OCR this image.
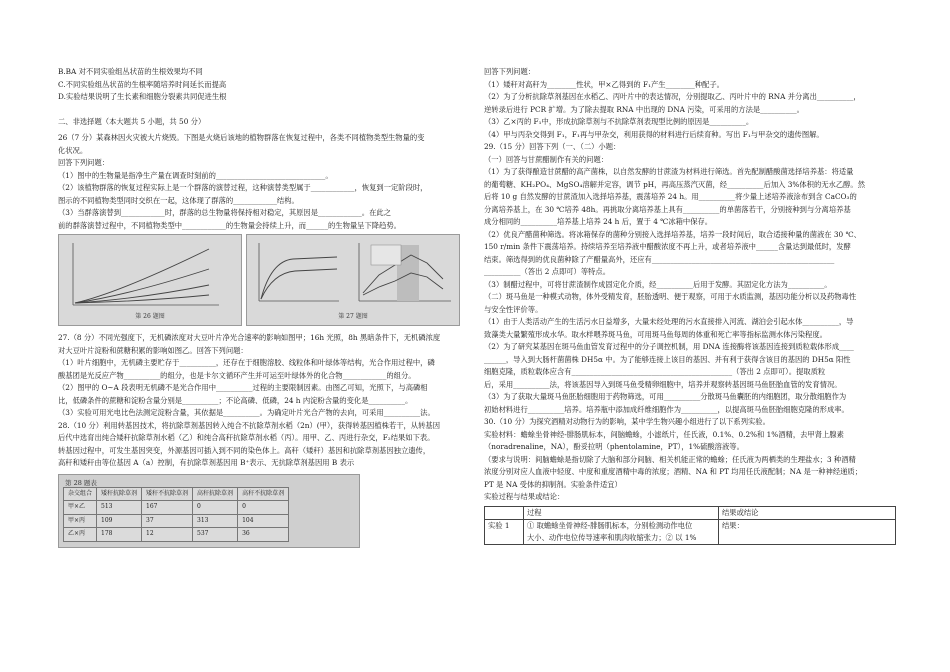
B.BA 对不同实验组丛状苗的生根效果均不同
C.不同实验组丛状苗的生根率随培养时间延长而提高
D.实验结果说明了生长素和细胞分裂素共同促进生根
二、非选择题（本大题共 5 小题，共 50 分）
26（7 分）某森林因火灾被大片烧毁。下图是火烧后该地的植物群落在恢复过程中，各类不同植物类型生物量的变
化状况。
回答下列问题：
（1）图中的生物量是指净生产量在调查时刻前的______________________________。
（2）该植物群落的恢复过程实际上是一个群落的演替过程，这种演替类型属于____________，恢复到一定阶段时，
图示的不同植物类型同时交织在一起，这体现了群落的____________结构。
（3）当群落演替到____________时，群落的总生物量将保持相对稳定，其原因是____________。在此之
前的群落演替过程中，不同植物类型中____________的生物量会持续上升，而______的生物量呈下降趋势。
第 26 题图	第 27 题图
27.（8 分）不同光强度下，无机磷浓度对大豆叶片净光合速率的影响如图甲；16h 光照，8h 黑暗条件下，无机磷浓度
对大豆叶片淀粉和蔗糖积累的影响如图乙。回答下列问题：
（1）叶片细胞中，无机磷主要贮存于__________，还存在于细胞溶胶、线粒体和叶绿体等结构，光合作用过程中，磷
酸基团是光反应产物__________的组分，也是卡尔文循环产生并可运至叶绿体外的化合物____________的组分。
（2）图甲的 O~A 段表明无机磷不是光合作用中__________过程的主要限制因素。由图乙可知，光照下，与高磷相
比，低磷条件的蔗糖和淀粉含量分别是__________；不论高磷、低磷，24 h 内淀粉含量的变化是__________。
（3）实验可用光电比色法测定淀粉含量，其依据是__________。为确定叶片光合产物的去向，可采用__________法。
28.（10 分）利用转基因技术，将抗除草剂基因转入纯合不抗除草剂水稻（2n）(甲），获得转基因植株若干，从转基因
后代中选育出纯合矮秆抗除草剂水稻（乙）和纯合高秆抗除草剂水稻（丙）。用甲、乙、丙进行杂交，F₂结果如下表。
转基因过程中，可发生基因突变，外源基因可插入到不同的染色体上。高秆（矮秆）基因和抗除草剂基因独立遗传，
高秆和矮秆由等位基因 A（a）控制，有抗除草剂基因用 B⁺表示、无抗除草剂基因用 B 表示
第 28 题表
杂交组合	矮秆抗除草剂	矮秆不抗除草剂	高秆抗除草剂	高秆不抗除草剂
甲×乙	513	167	0	0
甲×丙	109	37	313	104
乙×丙	178	12	537	36
回答下列问题：
（1）矮秆对高秆为________性状，甲×乙得到的 F₁产生________种配子。
（2）为了分析抗除草剂基因在水稻乙、丙叶片中的表达情况，分别提取乙、丙叶片中的 RNA 并分离出__________，
逆转录后进行 PCR 扩增。为了除去提取 RNA 中出现的 DNA 污染，可采用的方法是__________。
（3）乙×丙的 F₁中，形成抗除草剂与不抗除草剂表现型比例的原因是__________。
（4）甲与丙杂交得到 F₁，F₁再与甲杂交，利用获得的材料进行后续育种。写出 F₁与甲杂交的遗传图解。
29.（15 分）回答下列（一、（二）小题：
（一）回答与甘蔗醋制作有关的问题：
（1）为了获得酿造甘蔗醋的高产菌株，以自然发酵的甘蔗渣为材料进行筛选。首先配制醋酸菌选择培养基：将适量
的葡萄糖、KH₂PO₄、MgSO₄溶解并定容，调节 pH，再高压蒸汽灭菌，经__________后加入 3%体积的无水乙醇。然
后将 10 g 自然发酵的甘蔗渣加入选择培养基，震荡培养 24 h。用__________将少量上述培养液涂布到含 CaCO₃的
分离培养基上，在 30 ℃培养 48h。再挑取分离培养基上具有__________的单菌落若干，分别接种到与分离培养基
成分相同的__________培养基上培养 24 h 后，置于 4 ℃冰箱中保存。
（2）优良产醋菌种筛选。将冰箱保存的菌种分别接入选择培养基，培养一段时间后，取合适接种量的菌液在 30 ℃、
150 r/min 条件下震荡培养。持续培养至培养液中醋酸浓度不再上升，或者培养液中______含量达到最低时，发酵
结束。筛选得到的优良菌种除了产醋量高外，还应有__________________________________________________
__________（答出 2 点即可）等特点。
（3）制醋过程中，可将甘蔗渣制作成固定化介质，经__________后用于发酵。其固定化方法为__________。
（二）斑马鱼是一种模式动物，体外受精发育，胚胎透明、便于观察，可用于水质监测，基因功能分析以及药物毒性
与安全性评价等。
（1）由于人类活动产生的生活污水日益增多，大量未经处理的污水直接排入河流、湖泊会引起水体__________，导
致藻类大量繁殖形成水华。取水样喂养斑马鱼，可用斑马鱼每周的体重和死亡率等指标监测水体污染程度。
（2）为了研究某基因在斑马鱼血管发育过程中的分子调控机制，用 DNA 连接酶将该基因连接到质粒载体形成____
______，导入到大肠杆菌菌株 DH5α 中。为了能够连接上该目的基因、并有利于获得含该目的基因的 DH5α 阳性
细胞克隆，质粒载体应含有____________________________________________（答出 2 点即可）。提取质粒
后，采用__________法，将该基因导入到斑马鱼受精卵细胞中，培养并观察转基因斑马鱼胚胎血管的发育情况。
（3）为了获取大量斑马鱼胚胎细胞用于药物筛选，可用__________分散斑马鱼囊胚的内细胞团，取分散细胞作为
初始材料进行__________培养。培养瓶中添加成纤维细胞作为__________，以提高斑马鱼胚胎细胞克隆的形成率。
30.（10 分）为探究酒精对动物行为的影响，某中学生物兴趣小组进行了以下系列实验。
实验材料：蟾蜍坐骨神经-腓肠肌标本，间脑蟾蜍，小滤纸片，任氏液，0.1%、0.2%和 1%酒精，去甲肾上腺素
（noradrenaline，NA），酚妥拉明（phentolamine，PT），1%硫酸溶液等。
（要求与说明：间脑蟾蜍是指切除了大脑和部分间脑、相关机能正常的蟾蜍；任氏液为两栖类的生理盐水；3 种酒精
浓度分别对应人血液中轻度、中度和重度酒精中毒的浓度；酒精、NA 和 PT 均用任氏液配制；NA 是一种神经递质；
PT 是 NA 受体的抑制剂。实验条件适宜）
实验过程与结果或结论：
	过程	结果或结论
实验 1	① 取蟾蜍坐骨神经-腓肠肌标本，分别检测动作电位
大小、动作电位传导速率和肌肉收缩张力；② 以 1%	结果：
